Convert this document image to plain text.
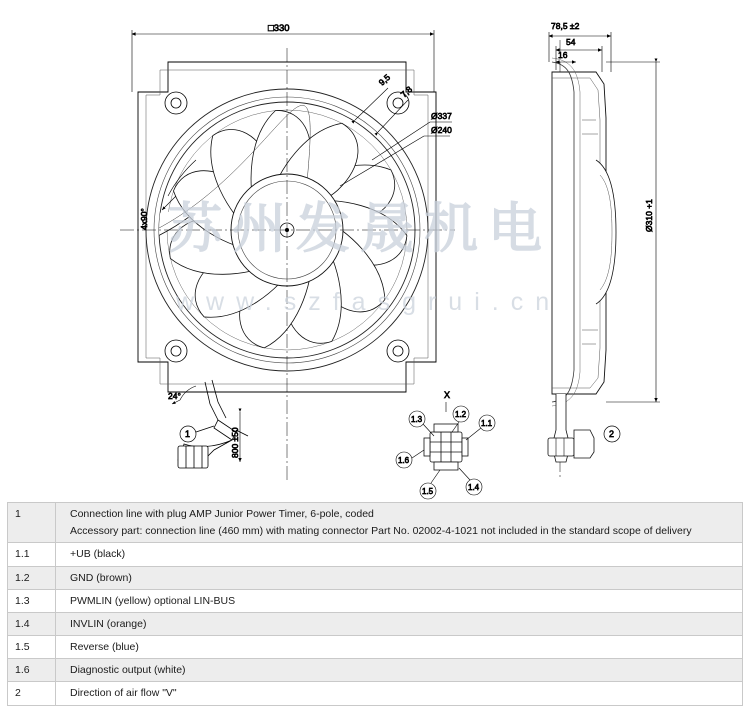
□330
Ø337
Ø240
9,5
7,8
4x90°
1
24°
800 ±50
78,5 ±2
54
16
Ø310 +1
2
X
1.3
1.2
1.1
1.6
1.5	1.4
苏州发晟机电
www.szfasgrui.cn
1	Connection line with plug AMP Junior Power Timer, 6-pole, coded

Accessory part: connection line (460 mm) with mating connector Part No. 02002-4-1021 not included in the standard scope of delivery

1.1	+UB (black)
1.2	GND (brown)
1.3	PWMLIN (yellow) optional LIN-BUS
1.4	INVLIN (orange)
1.5	Reverse (blue)
1.6	Diagnostic output (white)
2	Direction of air flow "V"
